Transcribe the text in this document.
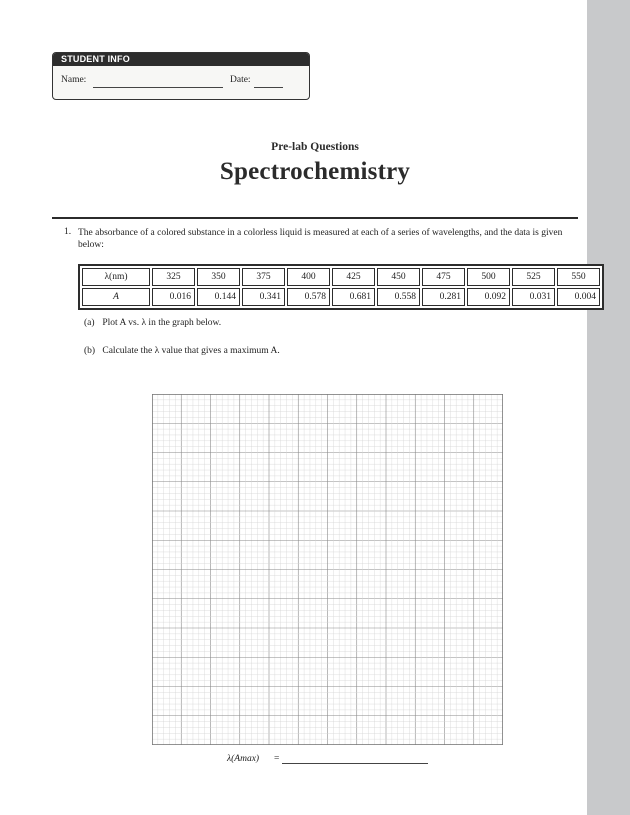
STUDENT INFO
Name:	Date:
Pre-lab Questions
Spectrochemistry
1. The absorbance of a colored substance in a colorless liquid is measured at each of a series of wavelengths, and the data is given below:
λ(nm)	325	350	375	400	425	450	475	500	525	550
A	0.016	0.144	0.341	0.578	0.681	0.558	0.281	0.092	0.031	0.004
(a) Plot A vs. λ in the graph below.
(b) Calculate the λ value that gives a maximum A.
λ(Amax) =
